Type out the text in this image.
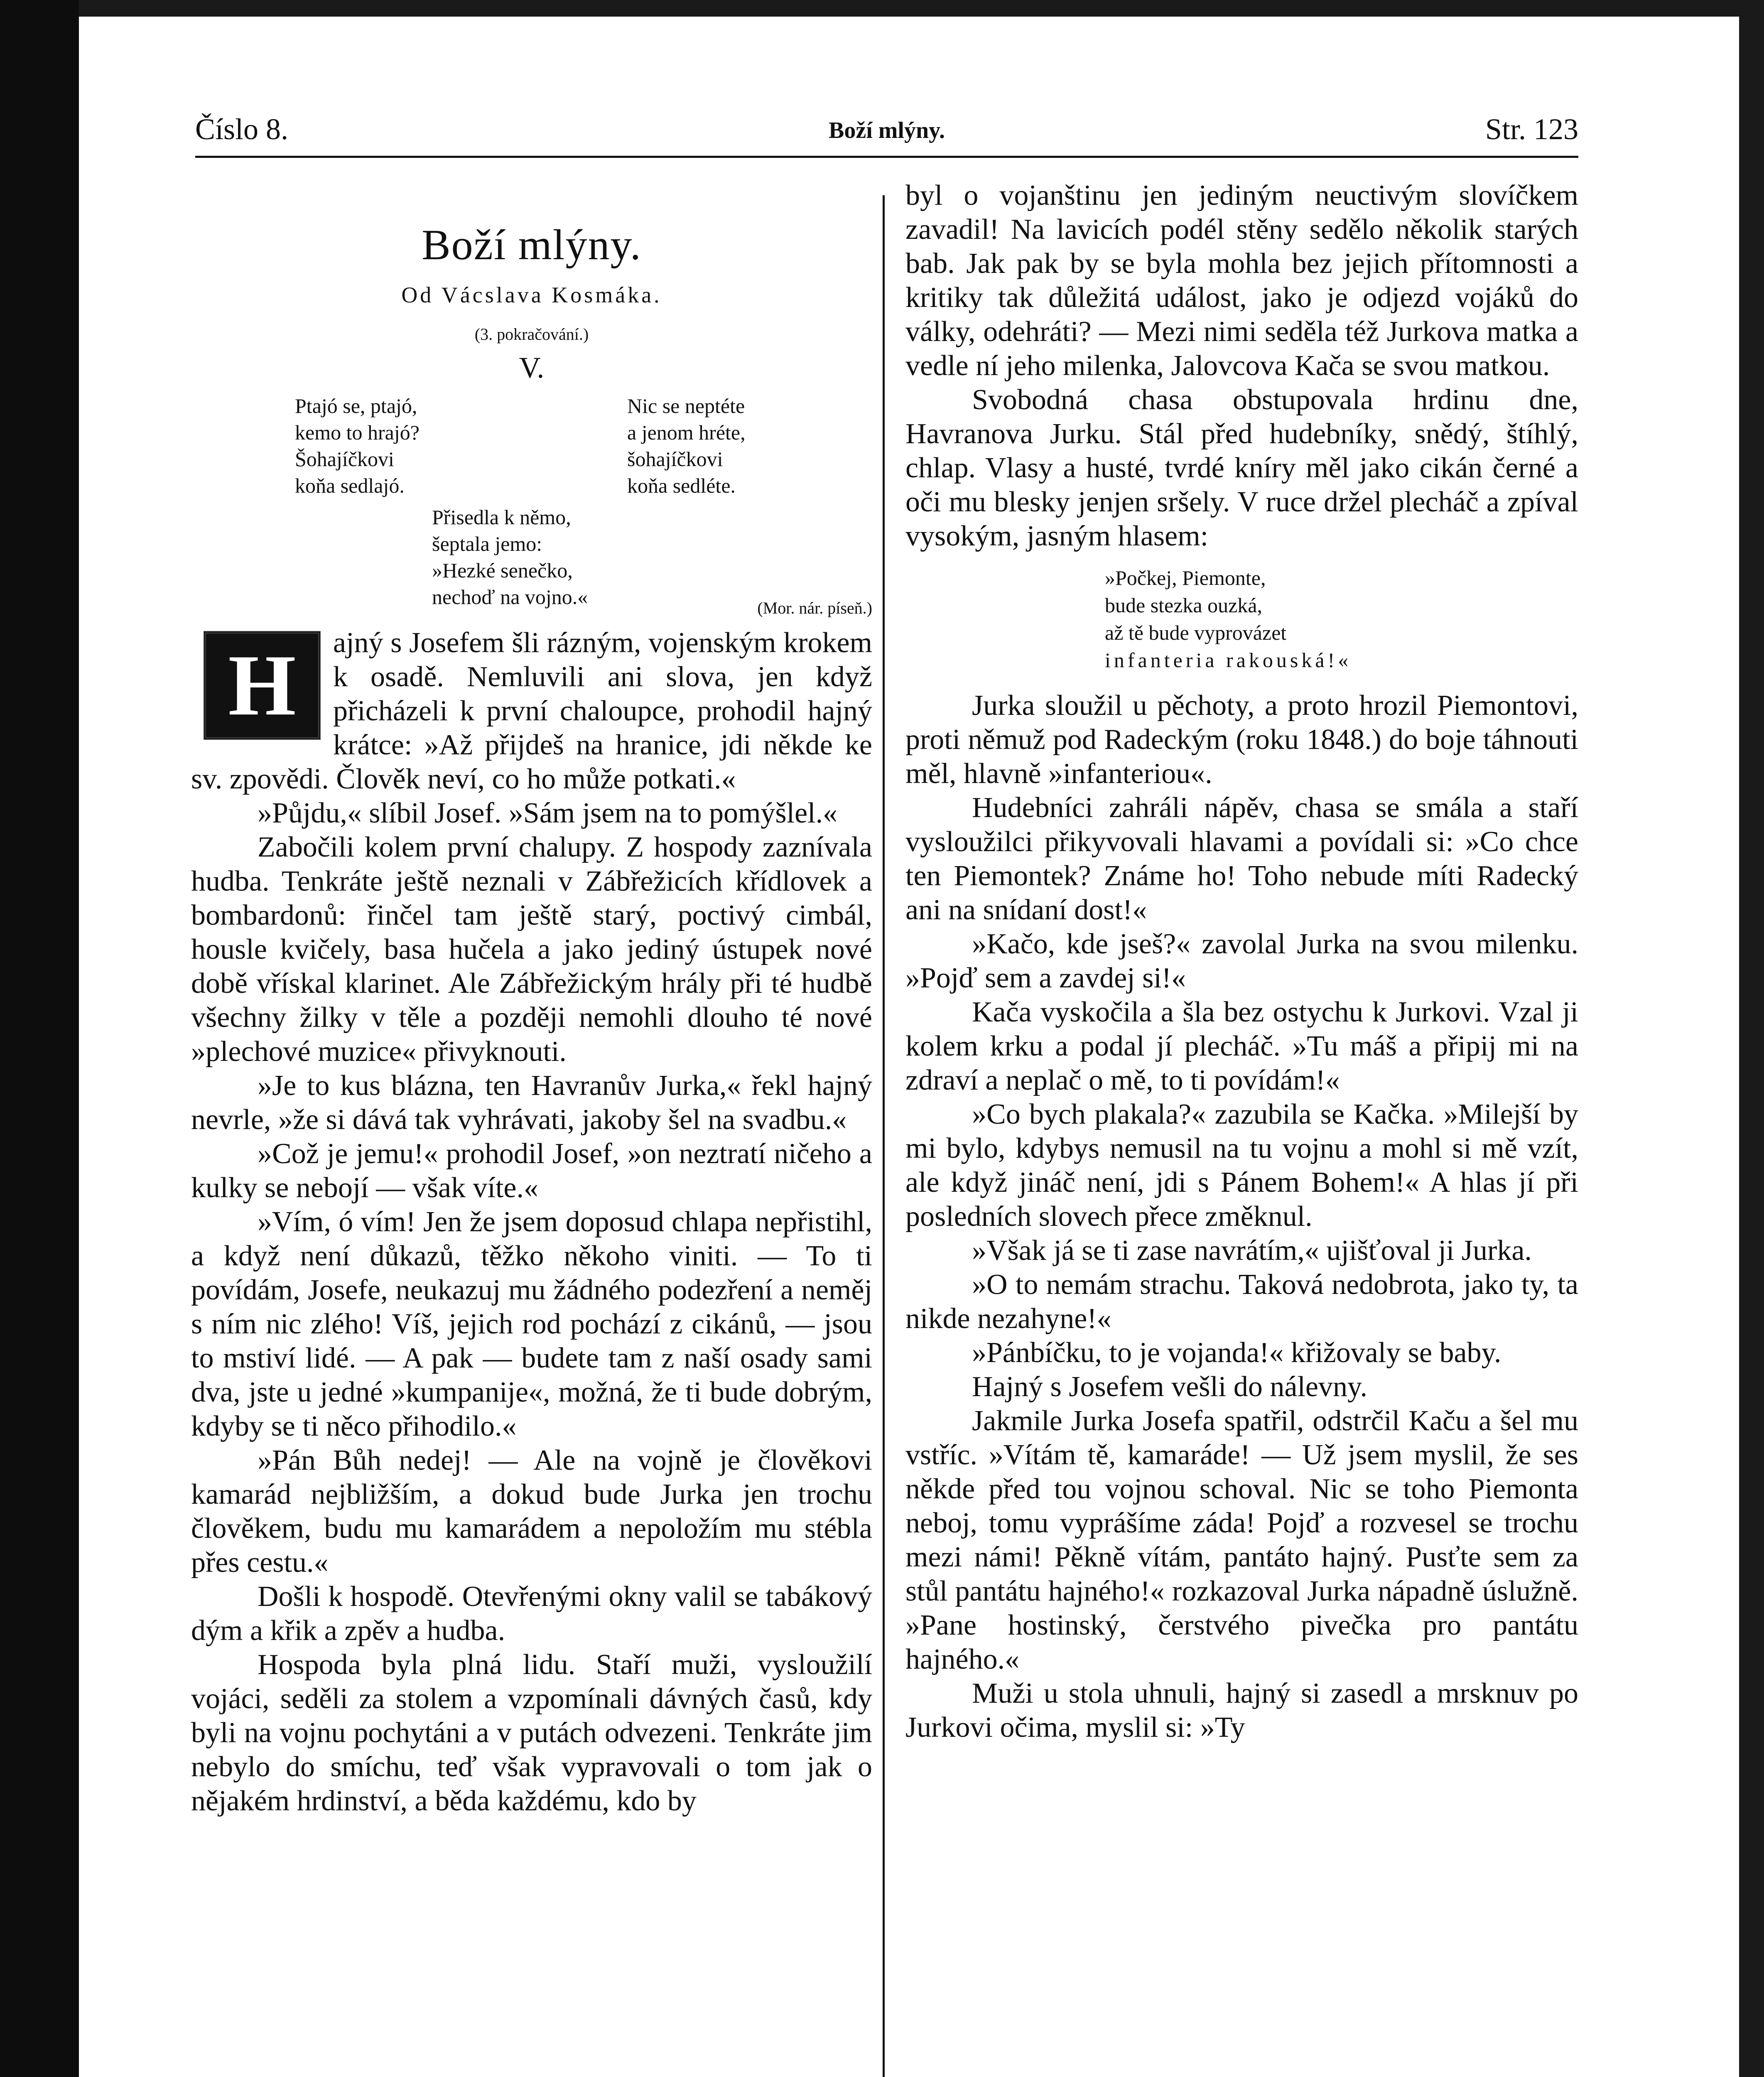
Číslo 8.	Boží mlýny.	Str. 123
Boží mlýny.
Od Vácslava Kosmáka.
(3. pokračování.)
V.
Ptajó se, ptajó,
kemo to hrajó?
Šohajíčkovi
koňa sedlajó.
Nic se neptéte
a jenom hréte,
šohajíčkovi
koňa sedléte.
Přisedla k němo,
šeptala jemo:
»Hezké senečko,
nechoď na vojno.«	(Mor. nár. píseň.)

H	ajný s Josefem šli rázným, vojenským krokem k osadě. Nemluvili ani slova, jen když přicházeli k první chaloupce, prohodil hajný krátce: »Až přijdeš na hranice, jdi někde ke sv. zpovědi. Člověk neví, co ho může potkati.«

»Půjdu,« slíbil Josef. »Sám jsem na to pomýšlel.«

Zabočili kolem první chalupy. Z hospody zaznívala hudba. Tenkráte ještě neznali v Zábřežicích křídlovek a bombardonů: řinčel tam ještě starý, poctivý cimbál, housle kvičely, basa hučela a jako jediný ústupek nové době vřískal klarinet. Ale Zábřežickým hrály při té hudbě všechny žilky v těle a později nemohli dlouho té nové »plechové muzice« přivyknouti.

»Je to kus blázna, ten Havranův Jurka,« řekl hajný nevrle, »že si dává tak vyhrávati, jakoby šel na svadbu.«

»Což je jemu!« prohodil Josef, »on neztratí ničeho a kulky se nebojí — však víte.«

»Vím, ó vím! Jen že jsem doposud chlapa nepřistihl, a když není důkazů, těžko někoho viniti. — To ti povídám, Josefe, neukazuj mu žádného podezření a neměj s ním nic zlého! Víš, jejich rod pochází z cikánů, — jsou to mstiví lidé. — A pak — budete tam z naší osady sami dva, jste u jedné »kumpanije«, možná, že ti bude dobrým, kdyby se ti něco přihodilo.«

»Pán Bůh nedej! — Ale na vojně je člověkovi kamarád nejbližším, a dokud bude Jurka jen trochu člověkem, budu mu kamarádem a nepoložím mu stébla přes cestu.«

Došli k hospodě. Otevřenými okny valil se tabákový dým a křik a zpěv a hudba.

Hospoda byla plná lidu. Staří muži, vysloužilí vojáci, seděli za stolem a vzpomínali dávných časů, kdy byli na vojnu pochytáni a v putách odvezeni. Tenkráte jim nebylo do smíchu, teď však vypravovali o tom jak o nějakém hrdinství, a běda každému, kdo by

byl o vojanštinu jen jediným neuctivým slovíčkem zavadil! Na lavicích podél stěny sedělo několik starých bab. Jak pak by se byla mohla bez jejich přítomnosti a kritiky tak důležitá událost, jako je odjezd vojáků do války, odehráti? — Mezi nimi seděla též Jurkova matka a vedle ní jeho milenka, Jalovcova Kača se svou matkou.

Svobodná chasa obstupovala hrdinu dne, Havranova Jurku. Stál před hudebníky, snědý, štíhlý, chlap. Vlasy a husté, tvrdé kníry měl jako cikán černé a oči mu blesky jenjen sršely. V ruce držel plecháč a zpíval vysokým, jasným hlasem:

»Počkej, Piemonte,
bude stezka ouzká,
až tě bude vyprovázet
infanteria rakouská!«

Jurka sloužil u pěchoty, a proto hrozil Piemontovi, proti němuž pod Radeckým (roku 1848.) do boje táhnouti měl, hlavně »infanteriou«.

Hudebníci zahráli nápěv, chasa se smála a staří vysloužilci přikyvovali hlavami a povídali si: »Co chce ten Piemontek? Známe ho! Toho nebude míti Radecký ani na snídaní dost!«

»Kačo, kde jseš?« zavolal Jurka na svou milenku. »Pojď sem a zavdej si!«

Kača vyskočila a šla bez ostychu k Jurkovi. Vzal ji kolem krku a podal jí plecháč. »Tu máš a připij mi na zdraví a neplač o mě, to ti povídám!«

»Co bych plakala?« zazubila se Kačka. »Milejší by mi bylo, kdybys nemusil na tu vojnu a mohl si mě vzít, ale když jináč není, jdi s Pánem Bohem!« A hlas jí při posledních slovech přece změknul.

»Však já se ti zase navrátím,« ujišťoval ji Jurka.

»O to nemám strachu. Taková nedobrota, jako ty, ta nikde nezahyne!«

»Pánbíčku, to je vojanda!« křižovaly se baby.

Hajný s Josefem vešli do nálevny.

Jakmile Jurka Josefa spatřil, odstrčil Kaču a šel mu vstříc. »Vítám tě, kamaráde! — Už jsem myslil, že ses někde před tou vojnou schoval. Nic se toho Piemonta neboj, tomu vyprášíme záda! Pojď a rozvesel se trochu mezi námi! Pěkně vítám, pantáto hajný. Pusťte sem za stůl pantátu hajného!« rozkazoval Jurka nápadně úslužně. »Pane hostinský, čerstvého pivečka pro pantátu hajného.«

Muži u stola uhnuli, hajný si zasedl a mrsknuv po Jurkovi očima, myslil si: »Ty
